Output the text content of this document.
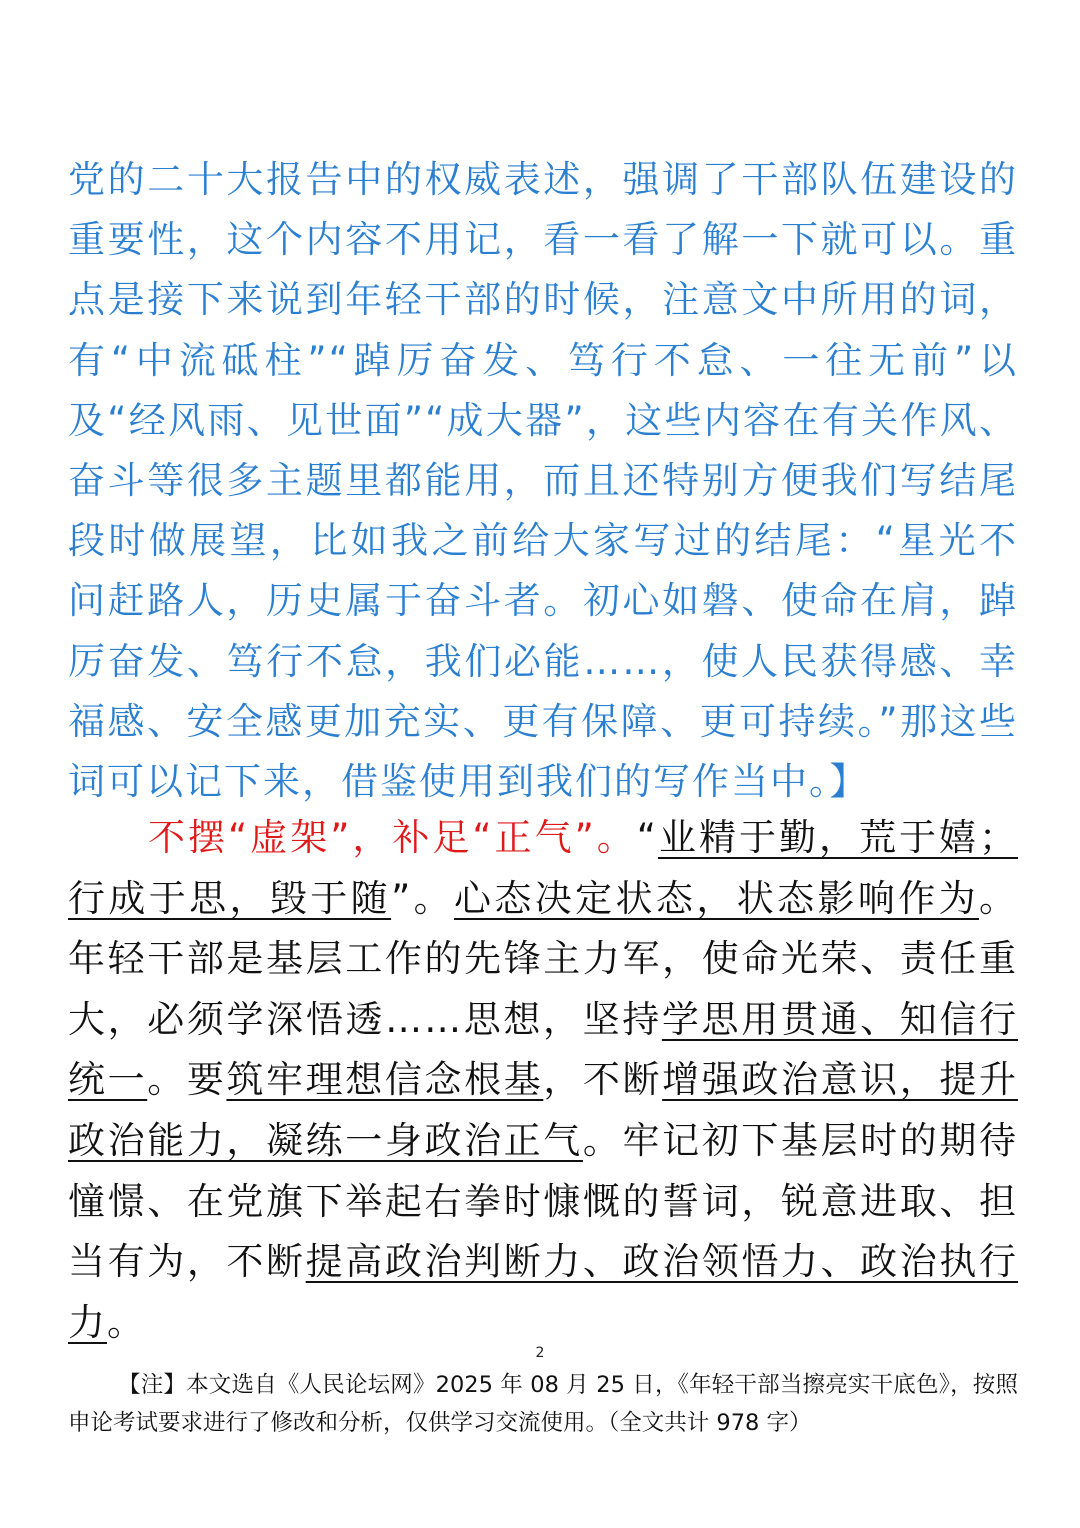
党的二十大报告中的权威表述，强调了干部队伍建设的重要性，这个内容不用记，看一看了解一下就可以。重点是接下来说到年轻干部的时候，注意文中所用的词，有“中流砥柱”“踔厉奋发、笃行不怠、一往无前”以及“经风雨、见世面”“成大器”，这些内容在有关作风、奋斗等很多主题里都能用，而且还特别方便我们写结尾段时做展望，比如我之前给大家写过的结尾：“星光不问赶路人，历史属于奋斗者。初心如磐、使命在肩，踔厉奋发、笃行不怠，我们必能……，使人民获得感、幸福感、安全感更加充实、更有保障、更可持续。”那这些词可以记下来，借鉴使用到我们的写作当中。】

不摆“虚架”，补足“正气”。“业精于勤，荒于嬉；行成于思，毁于随”。心态决定状态，状态影响作为。年轻干部是基层工作的先锋主力军，使命光荣、责任重大，必须学深悟透……思想，坚持学思用贯通、知信行统一。要筑牢理想信念根基，不断增强政治意识，提升政治能力，凝练一身政治正气。牢记初下基层时的期待憧憬、在党旗下举起右拳时慷慨的誓词，锐意进取、担当有为，不断提高政治判断力、政治领悟力、政治执行力。

2

【注】本文选自《人民论坛网》2025 年 08 月 25 日，《年轻干部当擦亮实干底色》，按照申论考试要求进行了修改和分析，仅供学习交流使用。（全文共计 978 字）
